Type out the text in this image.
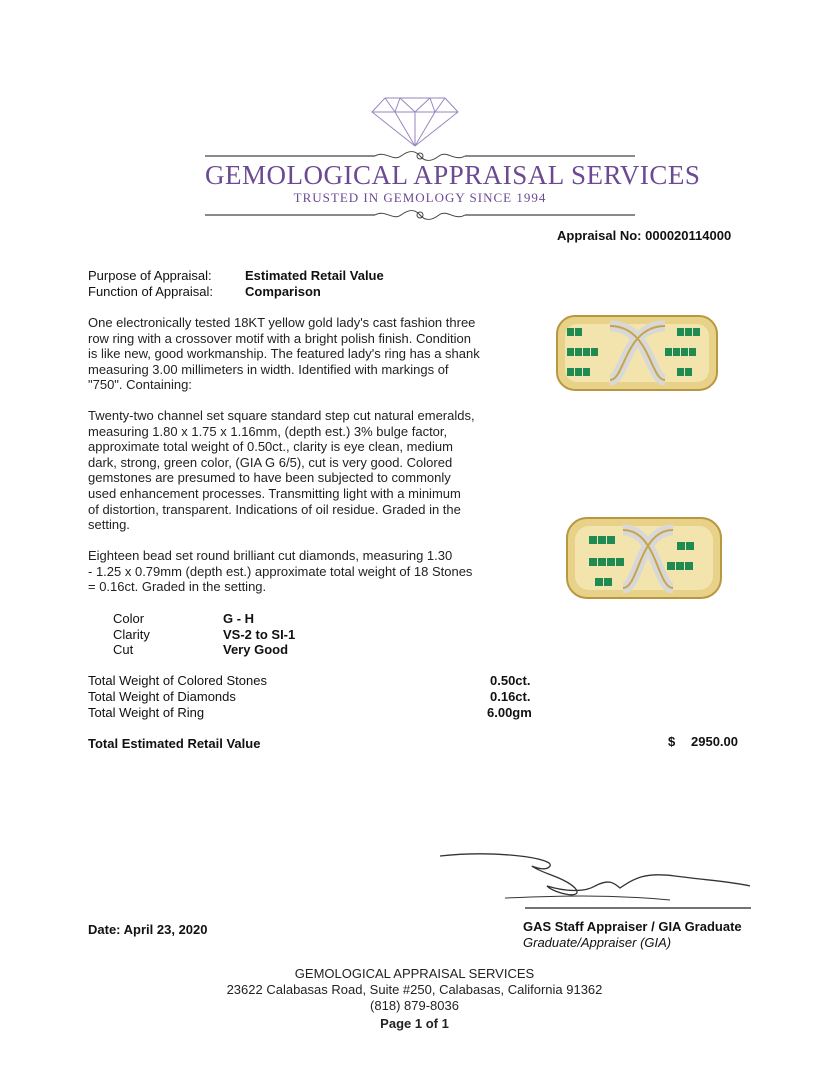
GEMOLOGICAL APPRAISAL SERVICES
TRUSTED IN GEMOLOGY SINCE 1994
Appraisal No: 000020114000
Purpose of Appraisal:	Estimated Retail Value
Function of Appraisal: Comparison
One electronically tested 18KT yellow gold lady's cast fashion three
row ring with a crossover motif with a bright polish finish. Condition
is like new, good workmanship. The featured lady's ring has a shank
measuring 3.00 millimeters in width. Identified with markings of
"750". Containing:
Twenty-two channel set square standard step cut natural emeralds,
measuring 1.80 x 1.75 x 1.16mm, (depth est.) 3% bulge factor,
approximate total weight of 0.50ct., clarity is eye clean, medium
dark, strong, green color, (GIA G 6/5), cut is very good. Colored
gemstones are presumed to have been subjected to commonly
used enhancement processes. Transmitting light with a minimum
of distortion, transparent. Indications of oil residue. Graded in the
setting.
Eighteen bead set round brilliant cut diamonds, measuring 1.30
- 1.25 x 0.79mm (depth est.) approximate total weight of 18 Stones
= 0.16ct. Graded in the setting.
Color	G - H
Clarity	VS-2 to SI-1
Cut	Very Good
Total Weight of Colored Stones	0.50ct.
Total Weight of Diamonds	0.16ct.
Total Weight of Ring	6.00gm
Total Estimated Retail Value	$ 2950.00
GAS Staff Appraiser / GIA Graduate
Graduate/Appraiser (GIA)
Date: April 23, 2020
GEMOLOGICAL APPRAISAL SERVICES
23622 Calabasas Road, Suite #250, Calabasas, California 91362
(818) 879-8036
Page 1 of 1
